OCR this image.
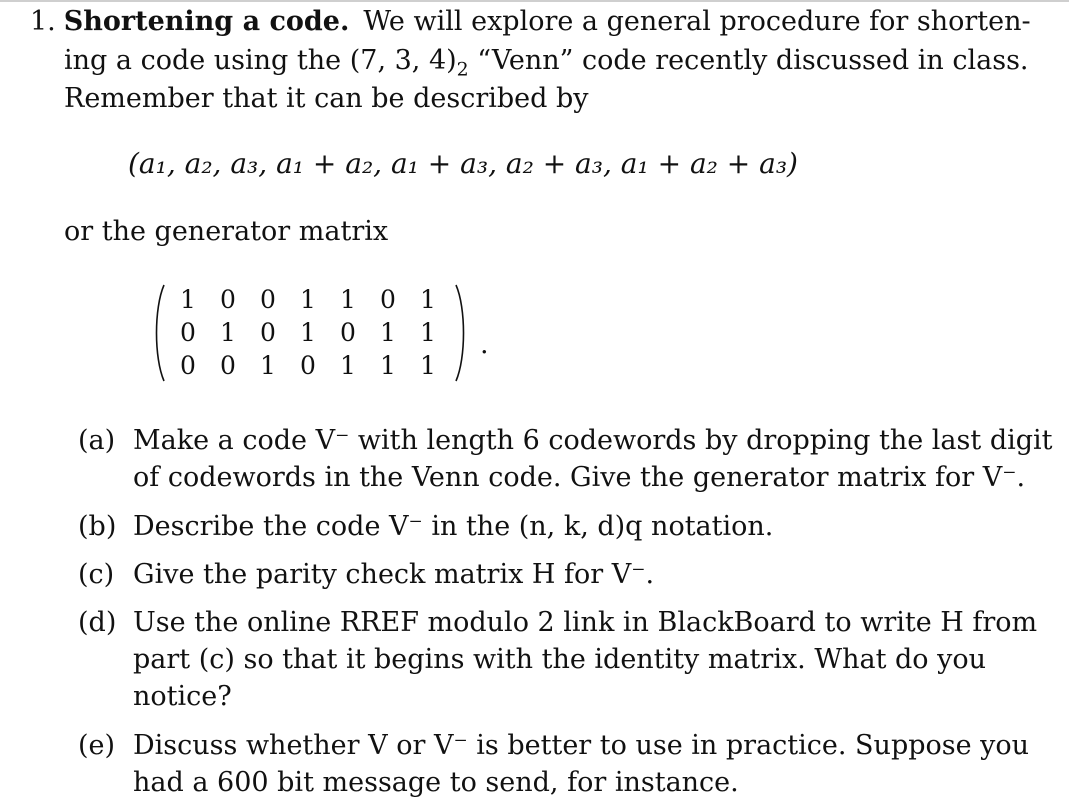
1. Shortening a code. We will explore a general procedure for shorten-
ing a code using the (7, 3, $4)_2$ “Venn” code recently discussed in class.
Remember that it can be described by
(a₁, a₂, a₃, a₁ + a₂, a₁ + a₃, a₂ + a₃, a₁ + a₂ + a₃)
or the generator matrix
1 0 0 1 1 0 1
0 1 0 1 0 1 1
0 0 1 0 1 1 1
.
(a) Make a code V⁻ with length 6 codewords by dropping the last digit
of codewords in the Venn code. Give the generator matrix for V⁻.
(b) Describe the code V⁻ in the (n, k, d)q notation.
(c) Give the parity check matrix H for V⁻.
(d) Use the online RREF modulo 2 link in BlackBoard to write H from
part (c) so that it begins with the identity matrix. What do you
notice?
(e) Discuss whether V or V⁻ is better to use in practice. Suppose you
had a 600 bit message to send, for instance.
